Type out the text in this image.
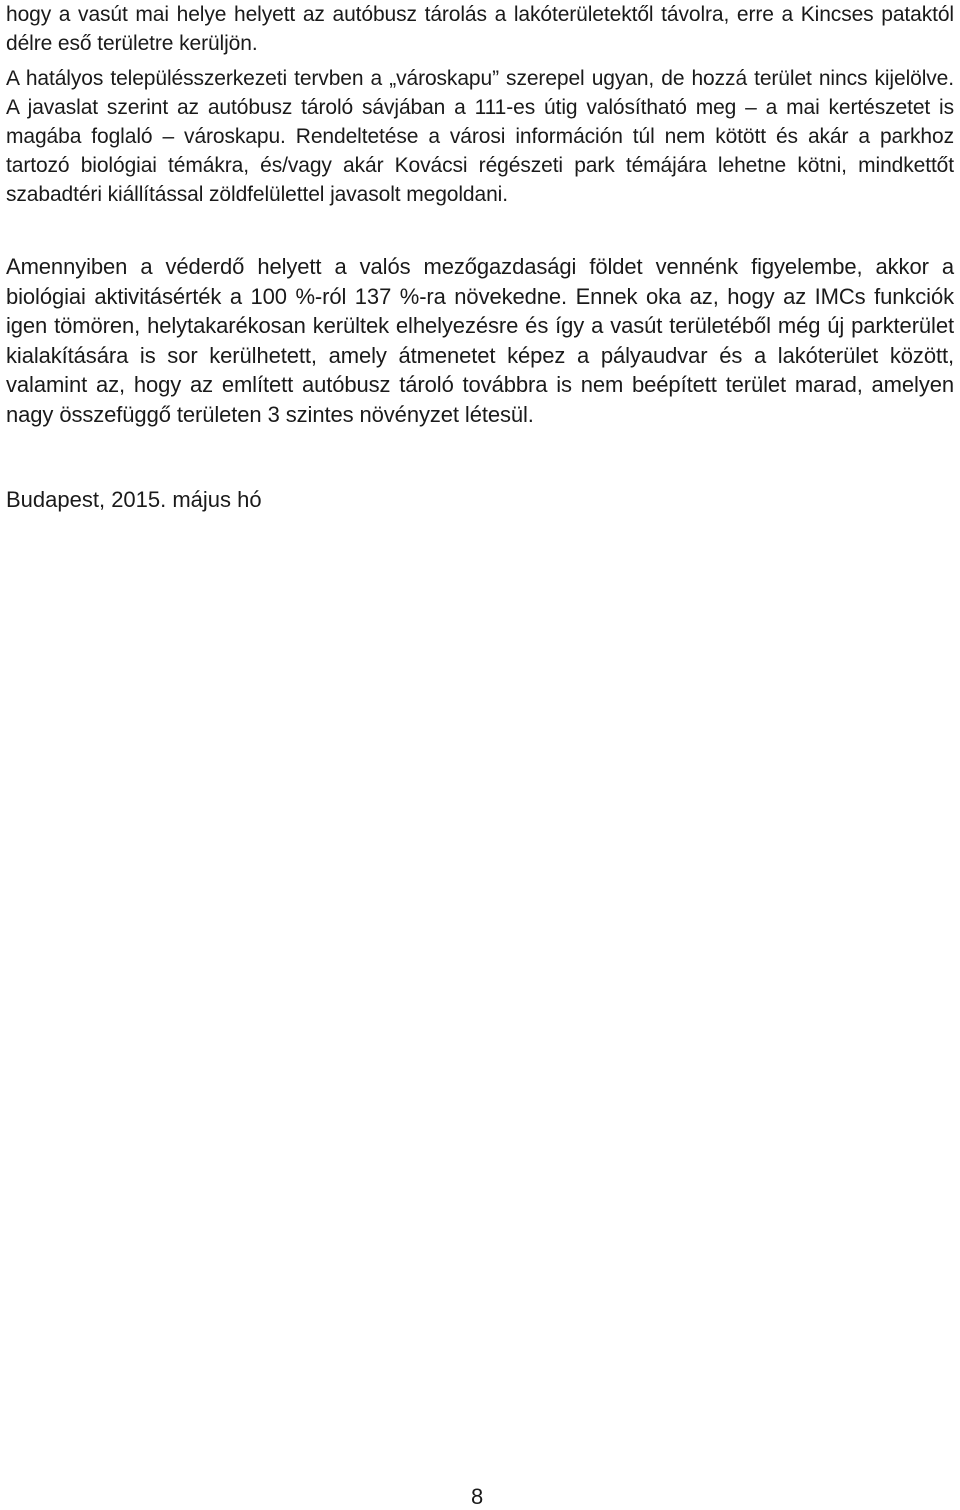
hogy a vasút mai helye helyett az autóbusz tárolás a lakóterületektől távolra, erre a Kincses pataktól délre eső területre kerüljön.

A hatályos településszerkezeti tervben a „városkapu” szerepel ugyan, de hozzá terület nincs kijelölve. A javaslat szerint az autóbusz tároló sávjában a 111-es útig valósítható meg – a mai kertészetet is magába foglaló – városkapu. Rendeltetése a városi információn túl nem kötött és akár a parkhoz tartozó biológiai témákra, és/vagy akár Kovácsi régészeti park témájára lehetne kötni, mindkettőt szabadtéri kiállítással zöldfelülettel javasolt megoldani.

Amennyiben a véderdő helyett a valós mezőgazdasági földet vennénk figyelembe, akkor a biológiai aktivitásérték a 100 %-ról 137 %-ra növekedne. Ennek oka az, hogy az IMCs funkciók igen tömören, helytakarékosan kerültek elhelyezésre és így a vasút területéből még új parkterület kialakítására is sor kerülhetett, amely átmenetet képez a pályaudvar és a lakóterület között, valamint az, hogy az említett autóbusz tároló továbbra is nem beépített terület marad, amelyen nagy összefüggő területen 3 szintes növényzet létesül.

Budapest, 2015. május hó

8
